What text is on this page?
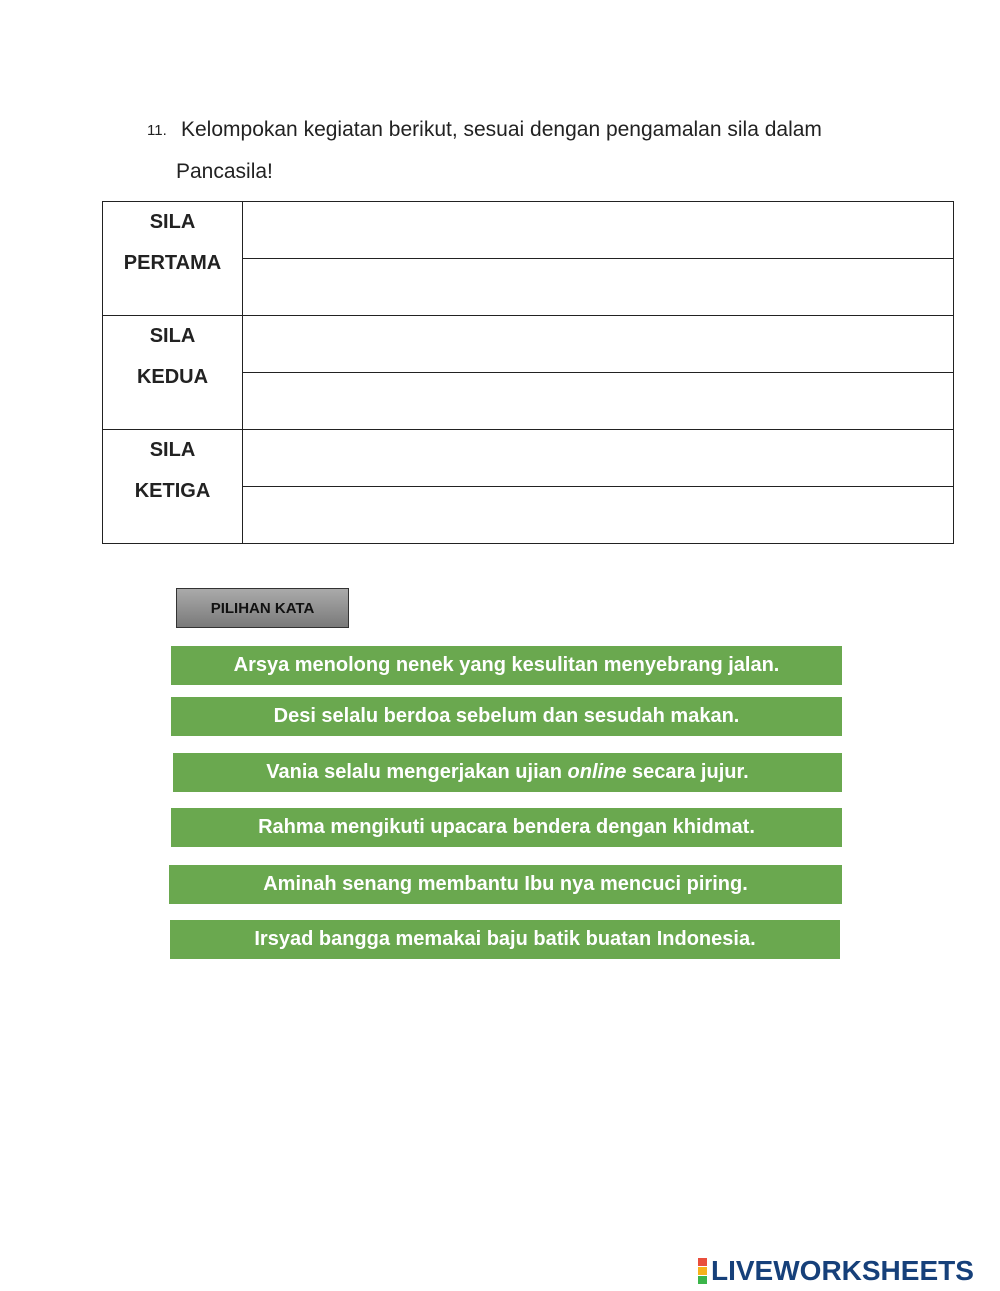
11. Kelompokan kegiatan berikut, sesuai dengan pengamalan sila dalam
Pancasila!
SILA
PERTAMA	

SILA
KEDUA	

SILA
KETIGA	

PILIHAN KATA
Arsya menolong nenek yang kesulitan menyebrang jalan.
Desi selalu berdoa sebelum dan sesudah makan.
Vania selalu mengerjakan ujian online secara jujur.
Rahma mengikuti upacara bendera dengan khidmat.
Aminah senang membantu Ibu nya mencuci piring.
Irsyad bangga memakai baju batik buatan Indonesia.
LIVEWORKSHEETS
